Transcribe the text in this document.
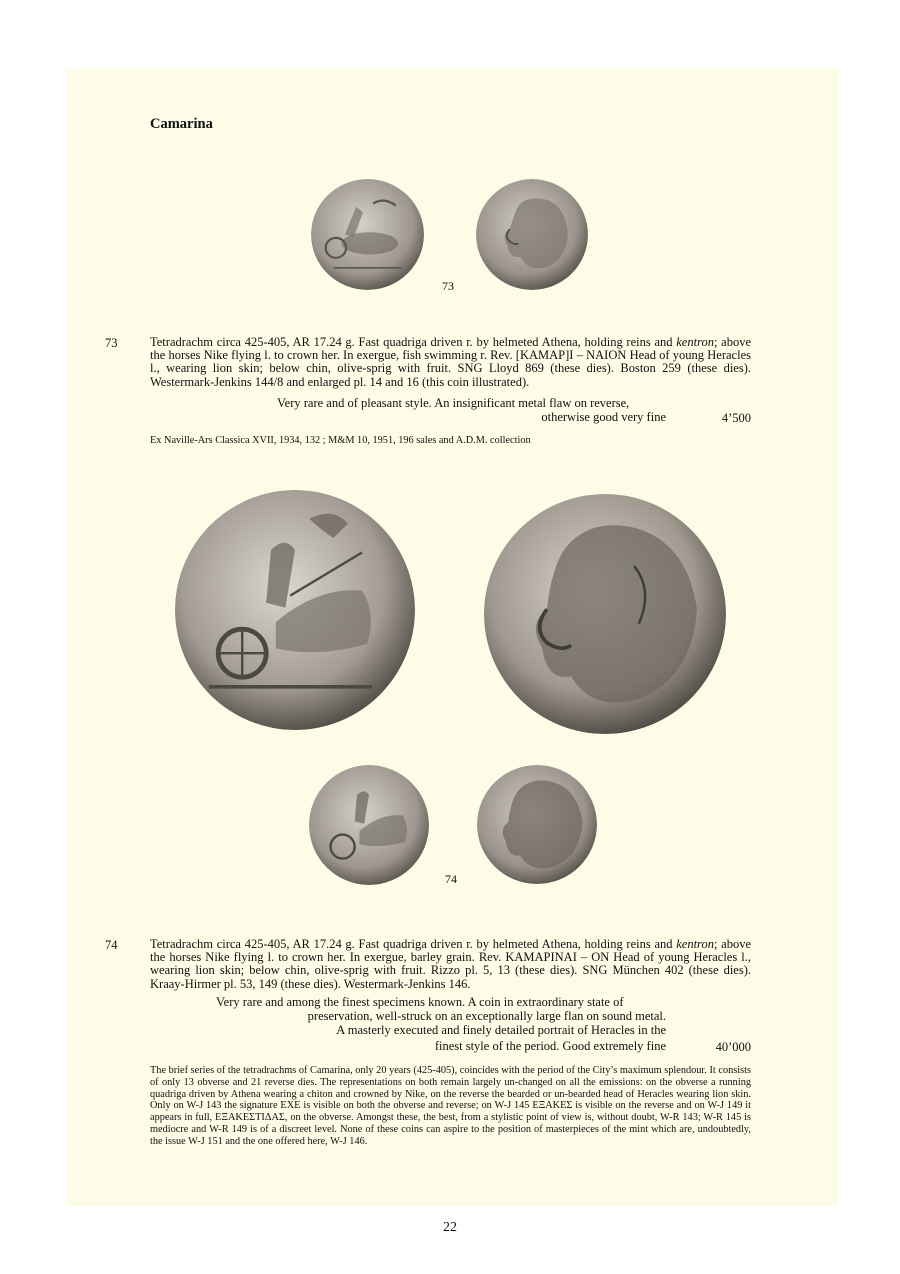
Camarina
73
73	Tetradrachm circa 425-405, AR 17.24 g. Fast quadriga driven r. by helmeted Athena, holding reins and kentron; above the horses Nike flying l. to crown her. In exergue, fish swimming r. Rev. [ΚΑΜΑΡ]Ι – ΝΑΙΟΝ Head of young Heracles l., wearing lion skin; below chin, olive-sprig with fruit. SNG Lloyd 869 (these dies). Boston 259 (these dies). Westermark-Jenkins 144/8 and enlarged pl. 14 and 16 (this coin illustrated).

Very rare and of pleasant style. An insignificant metal flaw on reverse,
otherwise good very fine	4’500
Ex Naville-Ars Classica XVII, 1934, 132 ; M&M 10, 1951, 196 sales and A.D.M. collection
74
74	Tetradrachm circa 425-405, AR 17.24 g. Fast quadriga driven r. by helmeted Athena, holding reins and kentron; above the horses Nike flying l. to crown her. In exergue, barley grain. Rev. ΚΑΜΑΡΙΝΑΙ – ΟΝ Head of young Heracles l., wearing lion skin; below chin, olive-sprig with fruit. Rizzo pl. 5, 13 (these dies). SNG München 402 (these dies). Kraay-Hirmer pl. 53, 149 (these dies). Westermark-Jenkins 146.

Very rare and among the finest specimens known. A coin in extraordinary state of
preservation, well-struck on an exceptionally large flan on sound metal.
A masterly executed and finely detailed portrait of Heracles in the
finest style of the period. Good extremely fine	40’000
The brief series of the tetradrachms of Camarina, only 20 years (425-405), coincides with the period of the City’s maximum splendour. It consists of only 13 obverse and 21 reverse dies. The representations on both remain largely un-changed on all the emissions: on the obverse a running quadriga driven by Athena wearing a chiton and crowned by Nike, on the reverse the bearded or un-bearded head of Heracles wearing lion skin. Only on W-J 143 the signature EXE is visible on both the obverse and reverse; on W-J 145 ΕΞΑΚΕΣ is visible on the reverse and on W-J 149 it appears in full, ΕΞΑΚΕΣΤΙΔΑΣ, on the obverse. Amongst these, the best, from a stylistic point of view is, without doubt, W-R 143; W-R 145 is mediocre and W-R 149 is of a discreet level. None of these coins can aspire to the position of masterpieces of the mint which are, undoubtedly, the issue W-J 151 and the one offered here, W-J 146.
22
